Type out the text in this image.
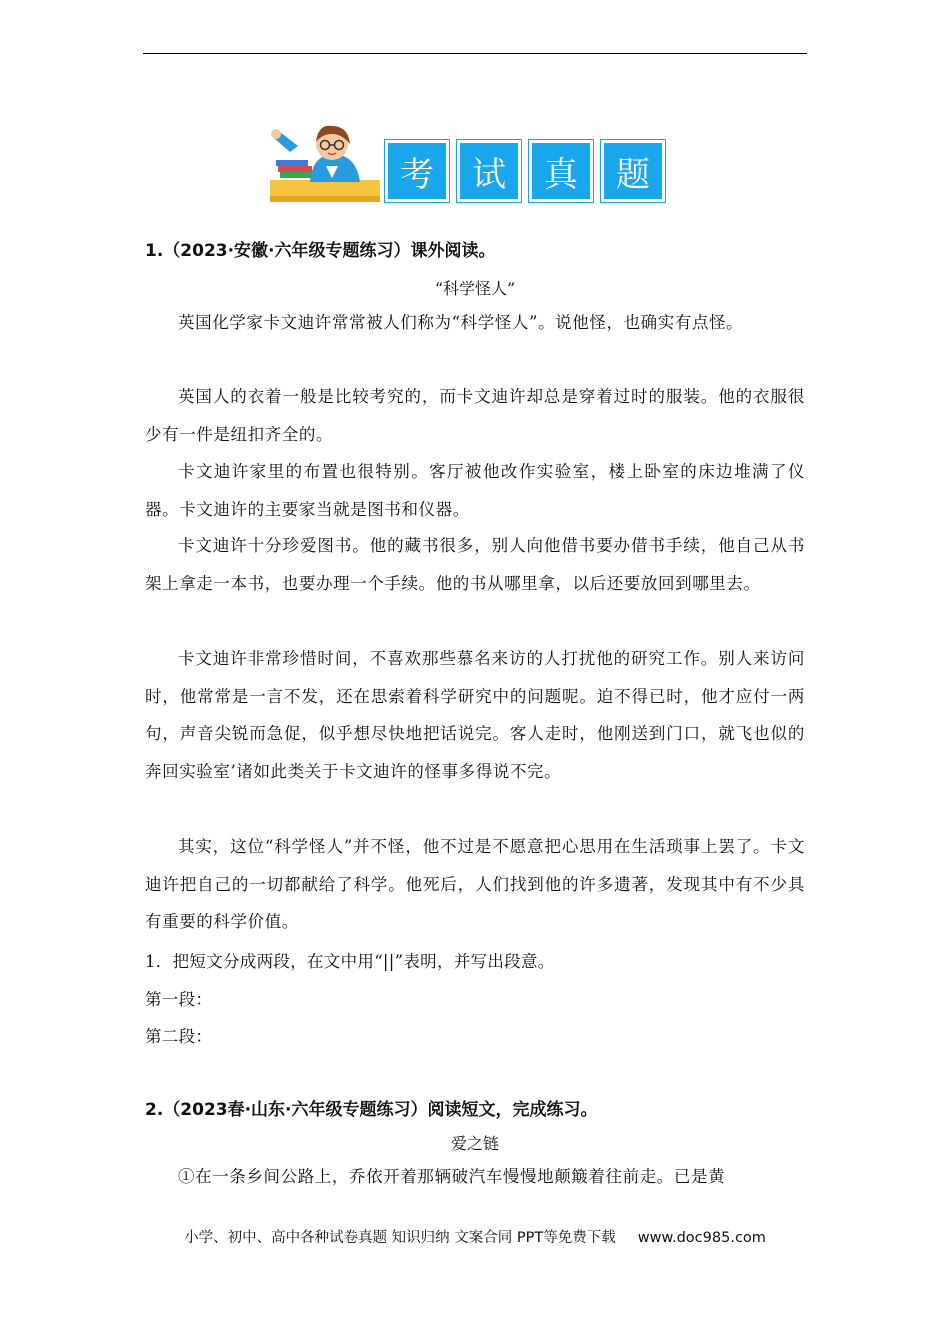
考	试	真	题
1.（2023·安徽·六年级专题练习）课外阅读。
“科学怪人”
英国化学家卡文迪许常常被人们称为“科学怪人”。说他怪，也确实有点怪。
英国人的衣着一般是比较考究的，而卡文迪许却总是穿着过时的服装。他的衣服很少有一件是纽扣齐全的。
卡文迪许家里的布置也很特别。客厅被他改作实验室，楼上卧室的床边堆满了仪器。卡文迪许的主要家当就是图书和仪器。
卡文迪许十分珍爱图书。他的藏书很多，别人向他借书要办借书手续，他自己从书架上拿走一本书，也要办理一个手续。他的书从哪里拿，以后还要放回到哪里去。
卡文迪许非常珍惜时间，不喜欢那些慕名来访的人打扰他的研究工作。别人来访问时，他常常是一言不发，还在思索着科学研究中的问题呢。迫不得已时，他才应付一两句，声音尖锐而急促，似乎想尽快地把话说完。客人走时，他刚送到门口，就飞也似的奔回实验室’诸如此类关于卡文迪许的怪事多得说不完。
其实，这位“科学怪人”并不怪，他不过是不愿意把心思用在生活琐事上罢了。卡文迪许把自己的一切都献给了科学。他死后，人们找到他的许多遗著，发现其中有不少具有重要的科学价值。
1．把短文分成两段，在文中用“||”表明，并写出段意。
第一段：
第二段：
2.（2023春·山东·六年级专题练习）阅读短文，完成练习。
爱之链
①在一条乡间公路上，乔依开着那辆破汽车慢慢地颠簸着往前走。已是黄
小学、初中、高中各种试卷真题 知识归纳 文案合同 PPT等免费下载 www.doc985.com
